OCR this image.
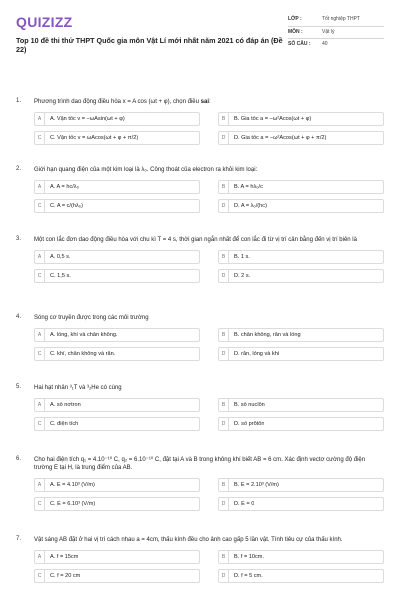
QUIZIZZ
Top 10 đề thi thử THPT Quốc gia môn Vật Lí mới nhất năm 2021 có đáp án (Đề 22)
LỚP :	Tốt nghiệp THPT
MÔN :	Vật lý
SỐ CÂU :	40
1.	Phương trình dao động điều hòa x = A cos (ωt + φ), chọn điều sai:
A	A. Vận tốc v = −ωAsin(ωt + φ)	B	B. Gia tốc a = −ω²Acos(ωt + φ)
C	C. Vận tốc v = ωAcos(ωt + φ + π/2)	D	D. Gia tốc a = −ω²Acos(ωt + φ + π/2)
2.	Giới hạn quang điện của một kim loại là λ₀. Công thoát của electron ra khỏi kim loại:
A	A. A = hc/λ₀	B	B. A = hλ₀/c
C	C. A = c/(hλ₀)	D	D. A = λ₀/(hc)
3.	Một con lắc đơn dao động điều hòa với chu kì T = 4 s, thời gian ngắn nhất để con lắc đi từ vị trí cân bằng đến vị trí biên là
A	A. 0,5 s.	B	B. 1 s.
C	C. 1,5 s.	D	D. 2 s.
4.	Sóng cơ truyền được trong các môi trường
A	A. lỏng, khí và chân không.	B	B. chân không, rắn và lỏng
C	C. khí, chân không và rắn.	D	D. rắn, lỏng và khí
5.	Hai hạt nhân ³₁T và ³₂He có cùng
A	A. số nơtron	B	B. số nuclôn
C	C. điện tích	D	D. số prôtôn
6.	Cho hai điện tích q₁ = 4.10⁻¹⁰ C, q₂ = 6.10⁻¹⁰ C, đặt tại A và B trong không khí biết AB = 6 cm. Xác định vectơ cường độ điện trường E tại H, là trung điểm của AB.
A	A. E = 4.10³ (V/m)	B	B. E = 2.10³ (V/m)
C	C. E = 6.10³ (V/m)	D	D. E = 0
7.	Vật sáng AB đặt ở hai vị trí cách nhau a = 4cm, thấu kính đều cho ảnh cao gấp 5 lần vật. Tính tiêu cự của thấu kính.
A	A. f = 15cm	B	B. f = 10cm.
C	C. f = 20 cm	D	D. f = 5 cm.
